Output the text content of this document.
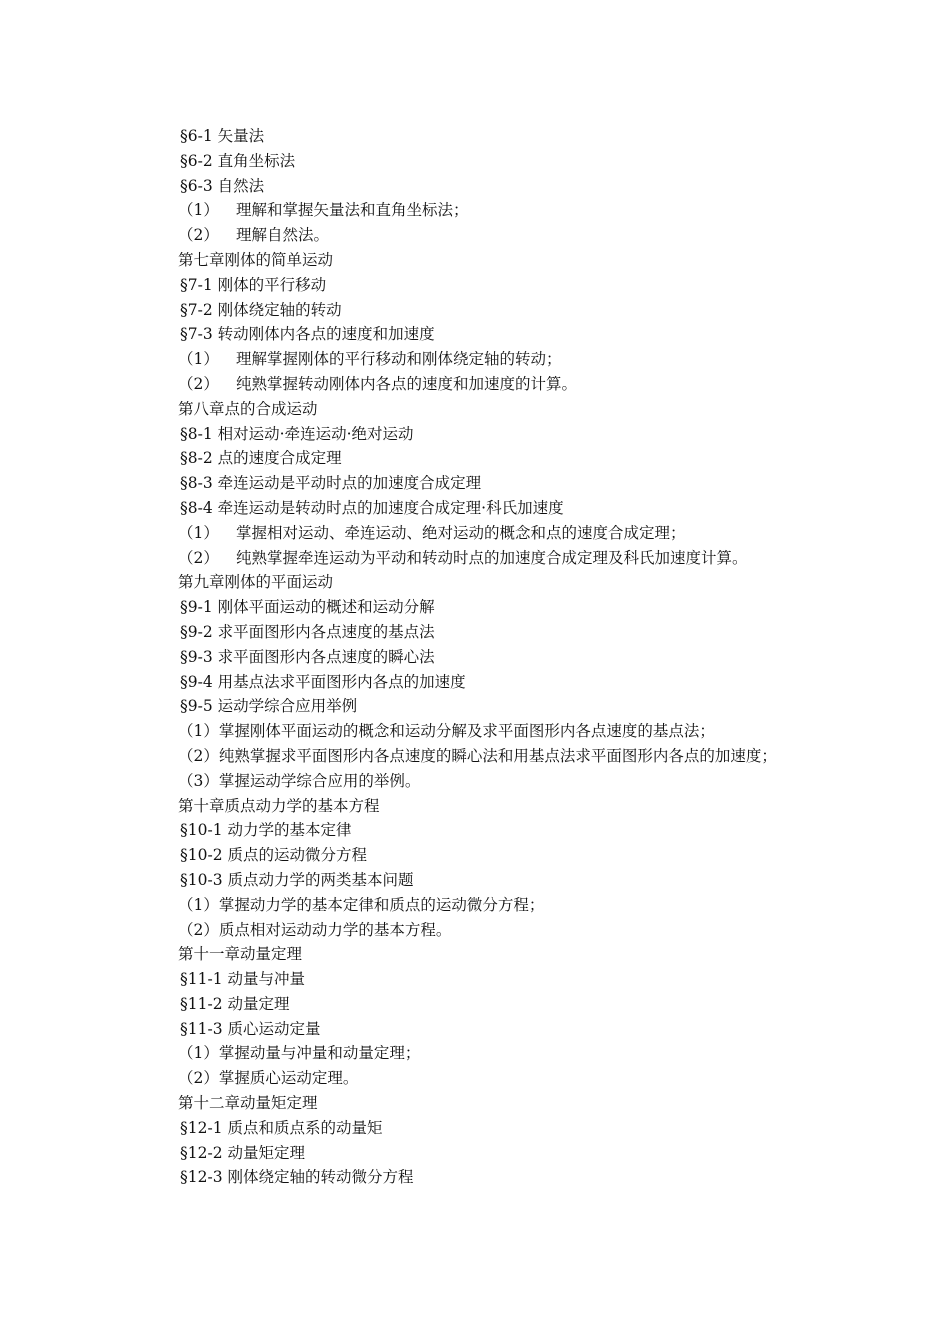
§6-1 矢量法
§6-2 直角坐标法
§6-3 自然法
（1） 理解和掌握矢量法和直角坐标法；
（2） 理解自然法。
第七章刚体的简单运动
§7-1 刚体的平行移动
§7-2 刚体绕定轴的转动
§7-3 转动刚体内各点的速度和加速度
（1） 理解掌握刚体的平行移动和刚体绕定轴的转动；
（2） 纯熟掌握转动刚体内各点的速度和加速度的计算。
第八章点的合成运动
§8-1 相对运动·牵连运动·绝对运动
§8-2 点的速度合成定理
§8-3 牵连运动是平动时点的加速度合成定理
§8-4 牵连运动是转动时点的加速度合成定理·科氏加速度
（1） 掌握相对运动、牵连运动、绝对运动的概念和点的速度合成定理；
（2） 纯熟掌握牵连运动为平动和转动时点的加速度合成定理及科氏加速度计算。
第九章刚体的平面运动
§9-1 刚体平面运动的概述和运动分解
§9-2 求平面图形内各点速度的基点法
§9-3 求平面图形内各点速度的瞬心法
§9-4 用基点法求平面图形内各点的加速度
§9-5 运动学综合应用举例
（1）掌握刚体平面运动的概念和运动分解及求平面图形内各点速度的基点法；
（2）纯熟掌握求平面图形内各点速度的瞬心法和用基点法求平面图形内各点的加速度；
（3）掌握运动学综合应用的举例。
第十章质点动力学的基本方程
§10-1 动力学的基本定律
§10-2 质点的运动微分方程
§10-3 质点动力学的两类基本问题
（1）掌握动力学的基本定律和质点的运动微分方程；
（2）质点相对运动动力学的基本方程。
第十一章动量定理
§11-1 动量与冲量
§11-2 动量定理
§11-3 质心运动定量
（1）掌握动量与冲量和动量定理；
（2）掌握质心运动定理。
第十二章动量矩定理
§12-1 质点和质点系的动量矩
§12-2 动量矩定理
§12-3 刚体绕定轴的转动微分方程
